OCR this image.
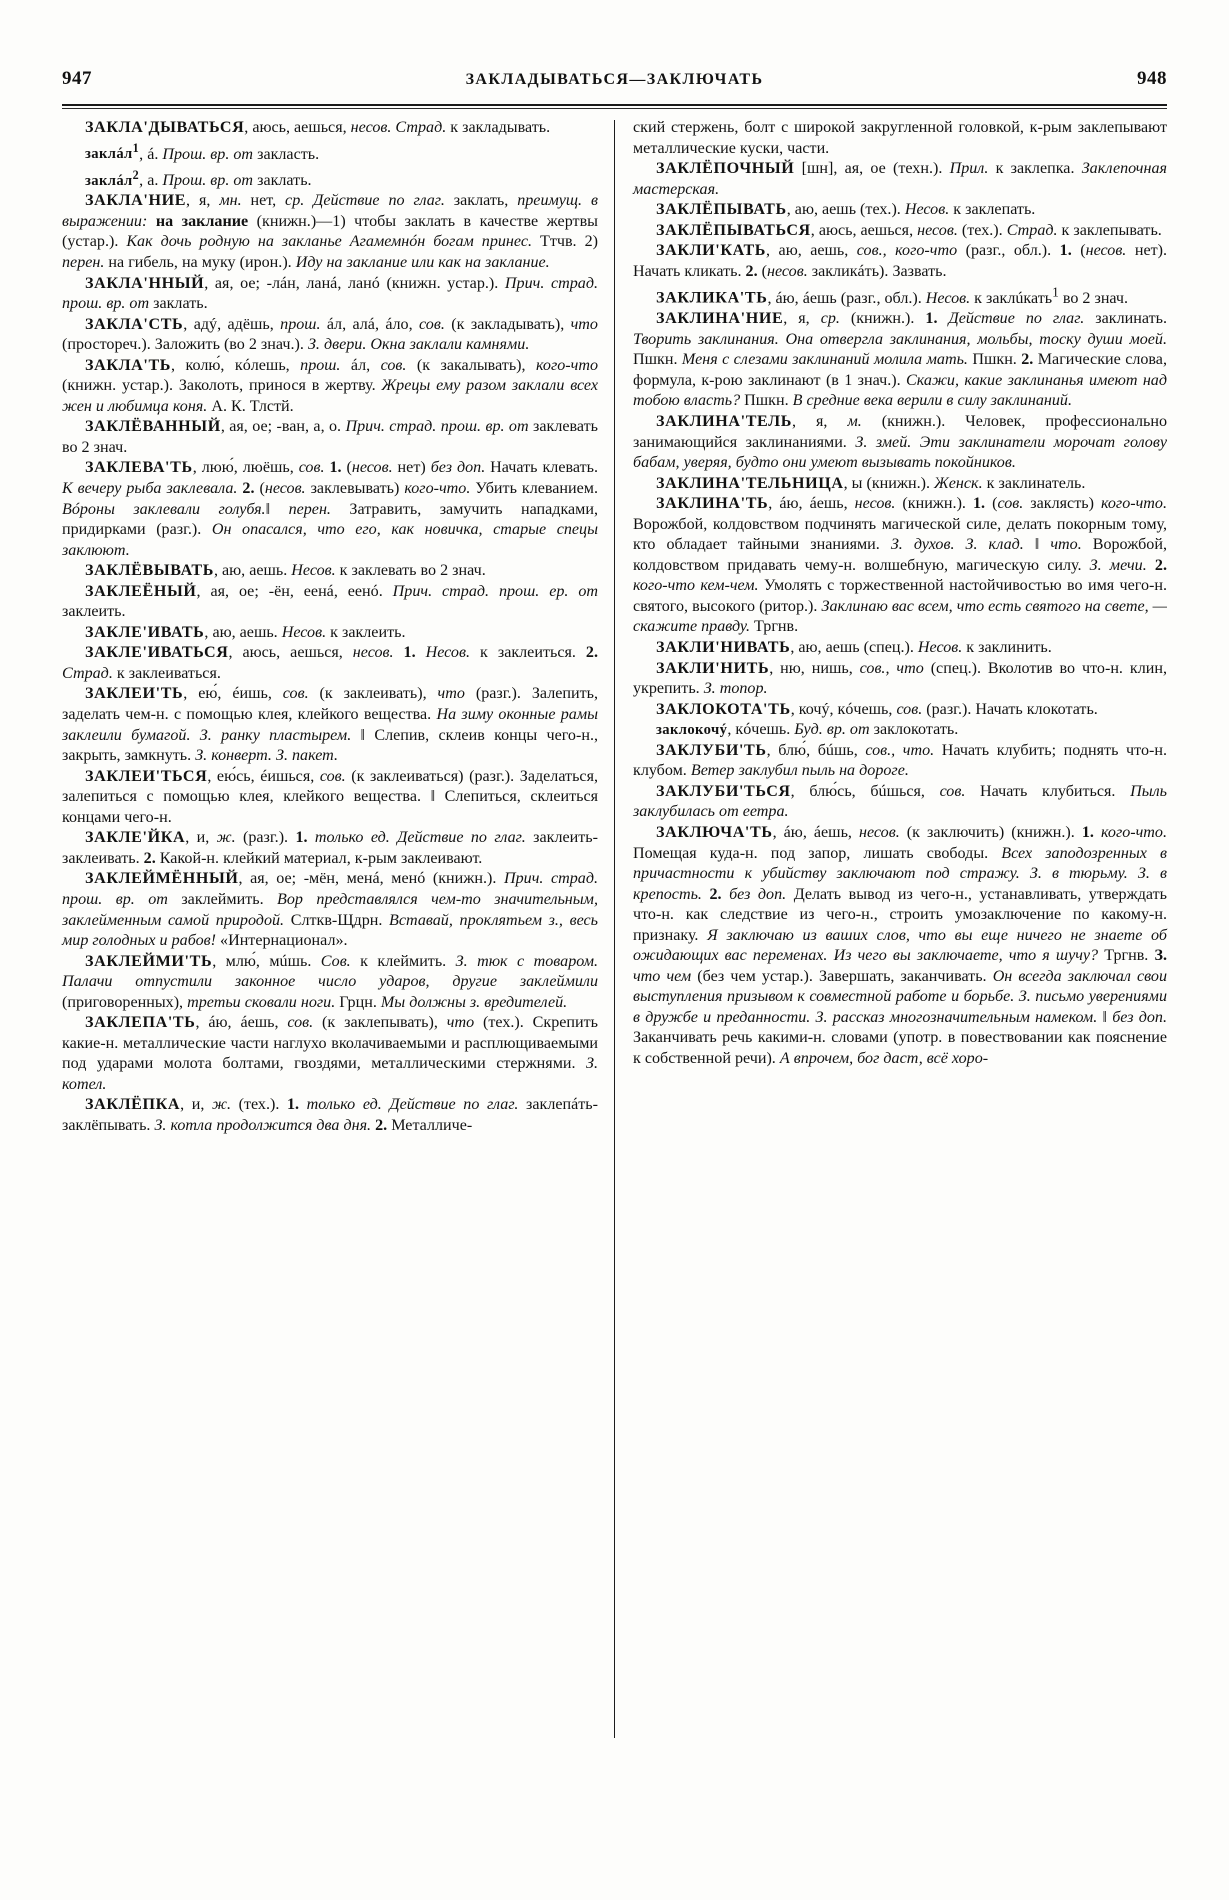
947	ЗАКЛАДЫВАТЬСЯ—ЗАКЛЮЧАТЬ	948

ЗАКЛА'ДЫВАТЬСЯ, аюсь, аешься, несов. Страд. к закладывать.

заклáл$^1$, á. Прош. вр. от закласть.

заклáл$^2$, а. Прош. вр. от заклать.

ЗАКЛА'НИЕ, я, мн. нет, ср. Действие по глаг. заклать, преимущ. в выражении: на заклание (книжн.)—1) чтобы заклать в качестве жертвы (устар.). Как дочь родную на закланье Агамемнóн богам принес. Ттчв. 2) перен. на гибель, на муку (ирон.). Иду на заклание или как на заклание.

ЗАКЛА'ННЫЙ, ая, ое; -лáн, ланá, ланó (книжн. устар.). Прич. страд. прош. вр. от заклать.

ЗАКЛА'СТЬ, адý, адёшь, прош. áл, алá, áло, сов. (к закладывать), что (простореч.). Заложить (во 2 знач.). З. двери. Окна заклали камнями.

ЗАКЛА'ТЬ, колю́, кóлешь, прош. áл, сов. (к закалывать), кого-что (книжн. устар.). Заколоть, принося в жертву. Жрецы ему разом заклали всех жен и любимца коня. А. К. Тлстй.

ЗАКЛЁВАННЫЙ, ая, ое; -ван, а, о. Прич. страд. прош. вр. от заклевать во 2 знач.

ЗАКЛЕВА'ТЬ, люю́, люёшь, сов. 1. (несов. нет) без доп. Начать клевать. К вечеру рыба заклевала. 2. (несов. заклевывать) кого-что. Убить клеванием. Вóроны заклевали голубя.‖ перен. Затравить, замучить нападками, придирками (разг.). Он опасался, что его, как новичка, старые спецы заклюют.

ЗАКЛЁВЫВАТЬ, аю, аешь. Несов. к заклевать во 2 знач.

ЗАКЛЕЁНЫЙ, ая, ое; -ён, еенá, еенó. Прич. страд. прош. ер. от заклеить.

ЗАКЛЕ'ИВАТЬ, аю, аешь. Несов. к заклеить.

ЗАКЛЕ'ИВАТЬСЯ, аюсь, аешься, несов. 1. Несов. к заклеиться. 2. Страд. к заклеиваться.

ЗАКЛЕИ'ТЬ, ею́, éишь, сов. (к заклеивать), что (разг.). Залепить, заделать чем-н. с помощью клея, клейкого вещества. На зиму оконные рамы заклеили бумагой. З. ранку пластырем. ‖ Слепив, склеив концы чего-н., закрыть, замкнуть. З. конверт. З. пакет.

ЗАКЛЕИ'ТЬСЯ, ею́сь, éишься, сов. (к заклеиваться) (разг.). Заделаться, залепиться с помощью клея, клейкого вещества. ‖ Слепиться, склеиться концами чего-н.

ЗАКЛЕ'ЙКА, и, ж. (разг.). 1. только ед. Действие по глаг. заклеить-заклеивать. 2. Какой-н. клейкий материал, к-рым заклеивают.

ЗАКЛЕЙМЁННЫЙ, ая, ое; -мён, менá, менó (книжн.). Прич. страд. прош. вр. от заклеймить. Вор представлялся чем-то значительным, заклейменным самой природой. Слткв-Щдрн. Вставай, проклятьем з., весь мир голодных и рабов! «Интернационал».

ЗАКЛЕЙМИ'ТЬ, млю́, мúшь. Сов. к клеймить. З. тюк с товаром. Палачи отпустили законное число ударов, другие заклеймили (приговоренных), третьи сковали ноги. Грцн. Мы должны з. вредителей.

ЗАКЛЕПА'ТЬ, áю, áешь, сов. (к заклепывать), что (тех.). Скрепить какие-н. металлические части наглухо вколачиваемыми и расплющиваемыми под ударами молота болтами, гвоздями, металлическими стержнями. З. котел.

ЗАКЛЁПКА, и, ж. (тех.). 1. только ед. Действие по глаг. заклепáть-заклёпывать. З. котла продолжится два дня. 2. Металличе-

ский стержень, болт с широкой закругленной головкой, к-рым заклепывают металлические куски, части.

ЗАКЛЁПОЧНЫЙ [шн], ая, ое (техн.). Прил. к заклепка. Заклепочная мастерская.

ЗАКЛЁПЫВАТЬ, аю, аешь (тех.). Несов. к заклепать.

ЗАКЛЁПЫВАТЬСЯ, аюсь, аешься, несов. (тех.). Страд. к заклепывать.

ЗАКЛИ'КАТЬ, аю, аешь, сов., кого-что (разг., обл.). 1. (несов. нет). Начать кликать. 2. (несов. закликáть). Зазвать.

ЗАКЛИКА'ТЬ, áю, áешь (разг., обл.). Несов. к заклúкать$^1$ во 2 знач.

ЗАКЛИНА'НИЕ, я, ср. (книжн.). 1. Действие по глаг. заклинать. Творить заклинания. Она отвергла заклинания, мольбы, тоску души моей. Пшкн. Меня с слезами заклинаний молила мать. Пшкн. 2. Магические слова, формула, к-рою заклинают (в 1 знач.). Скажи, какие заклинанья имеют над тобою власть? Пшкн. В средние века верили в силу заклинаний.

ЗАКЛИНА'ТЕЛЬ, я, м. (книжн.). Человек, профессионально занимающийся заклинаниями. З. змей. Эти заклинатели морочат голову бабам, уверяя, будто они умеют вызывать покойников.

ЗАКЛИНА'ТЕЛЬНИЦА, ы (книжн.). Женск. к заклинатель.

ЗАКЛИНА'ТЬ, áю, áешь, несов. (книжн.). 1. (сов. заклясть) кого-что. Ворожбой, колдовством подчинять магической силе, делать покорным тому, кто обладает тайными знаниями. З. духов. З. клад. ‖ что. Ворожбой, колдовством придавать чему-н. волшебную, магическую силу. З. мечи. 2. кого-что кем-чем. Умолять с торжественной настойчивостью во имя чего-н. святого, высокого (ритор.). Заклинаю вас всем, что есть святого на свете, — скажите правду. Тргнв.

ЗАКЛИ'НИВАТЬ, аю, аешь (спец.). Несов. к заклинить.

ЗАКЛИ'НИТЬ, ню, нишь, сов., что (спец.). Вколотив во что-н. клин, укрепить. З. топор.

ЗАКЛОКОТА'ТЬ, кочý, кóчешь, сов. (разг.). Начать клокотать.

заклокочý, кóчешь. Буд. вр. от заклокотать.

ЗАКЛУБИ'ТЬ, блю́, бúшь, сов., что. Начать клубить; поднять что-н. клубом. Ветер заклубил пыль на дороге.

ЗАКЛУБИ'ТЬСЯ, блю́сь, бúшься, сов. Начать клубиться. Пыль заклубилась от еетра.

ЗАКЛЮЧА'ТЬ, áю, áешь, несов. (к заключить) (книжн.). 1. кого-что. Помещая куда-н. под запор, лишать свободы. Всех заподозренных в причастности к убийству заключают под стражу. З. в тюрьму. З. в крепость. 2. без доп. Делать вывод из чего-н., устанавливать, утверждать что-н. как следствие из чего-н., строить умозаключение по какому-н. признаку. Я заключаю из ваших слов, что вы еще ничего не знаете об ожидающих вас переменах. Из чего вы заключаете, что я шучу? Тргнв. З. что чем (без чем устар.). Завершать, заканчивать. Он всегда заключал свои выступления призывом к совместной работе и борьбе. З. письмо уверениями в дружбе и преданности. З. рассказ многозначительным намеком. ‖ без доп. Заканчивать речь какими-н. словами (употр. в повествовании как пояснение к собственной речи). А впрочем, бог даст, всё хоро-
